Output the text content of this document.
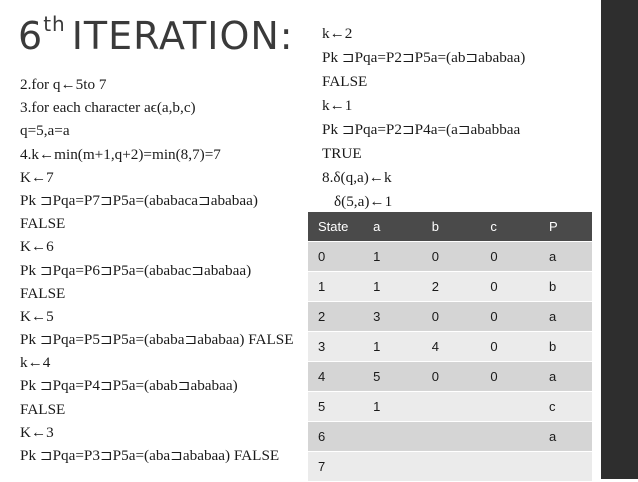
6th ITERATION:
2.for q←5to 7
3.for each character aϵ(a,b,c)
q=5,a=a
4.k←min(m+1,q+2)=min(8,7)=7
K←7
Pk ⊐Pqa=P7⊐P5a=(ababaca⊐ababaa)
FALSE
K←6
Pk ⊐Pqa=P6⊐P5a=(ababac⊐ababaa)
FALSE
K←5
Pk ⊐Pqa=P5⊐P5a=(ababa⊐ababaa) FALSE
k←4
Pk ⊐Pqa=P4⊐P5a=(abab⊐ababaa)
FALSE
K←3
Pk ⊐Pqa=P3⊐P5a=(aba⊐ababaa) FALSE
k←2
Pk ⊐Pqa=P2⊐P5a=(ab⊐ababaa)
FALSE
k←1
Pk ⊐Pqa=P2⊐P4a=(a⊐ababbaa
TRUE
8.δ(q,a)←k
δ(5,a)←1
State	a	b	c	P
0	1	0	0	a
1	1	2	0	b
2	3	0	0	a
3	1	4	0	b
4	5	0	0	a
5	1			c
6				a
7				
